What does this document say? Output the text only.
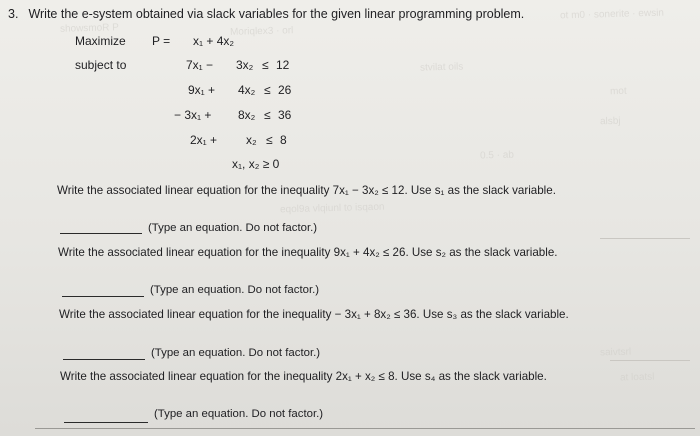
showsmoR P	Moriqlex3 · orl
ot m0 · sonerite · ewsin
stvilat oils
mot
alsbj
0.5 · ab
eqol9a vlqiunl to isqaon
saivtsrl
at loatsl
3. Write the e-system obtained via slack variables for the given linear programming problem.
Maximize P = x₁ + 4x₂
subject to	7x₁ − 3x₂ ≤ 12
9x₁ + 4x₂ ≤ 26
− 3x₁ + 8x₂ ≤ 36
2x₁ + x₂ ≤ 8
x₁, x₂ ≥ 0
Write the associated linear equation for the inequality 7x₁ − 3x₂ ≤ 12. Use s₁ as the slack variable.
(Type an equation. Do not factor.)
Write the associated linear equation for the inequality 9x₁ + 4x₂ ≤ 26. Use s₂ as the slack variable.
(Type an equation. Do not factor.)
Write the associated linear equation for the inequality − 3x₁ + 8x₂ ≤ 36. Use s₃ as the slack variable.
(Type an equation. Do not factor.)
Write the associated linear equation for the inequality 2x₁ + x₂ ≤ 8. Use s₄ as the slack variable.
(Type an equation. Do not factor.)
